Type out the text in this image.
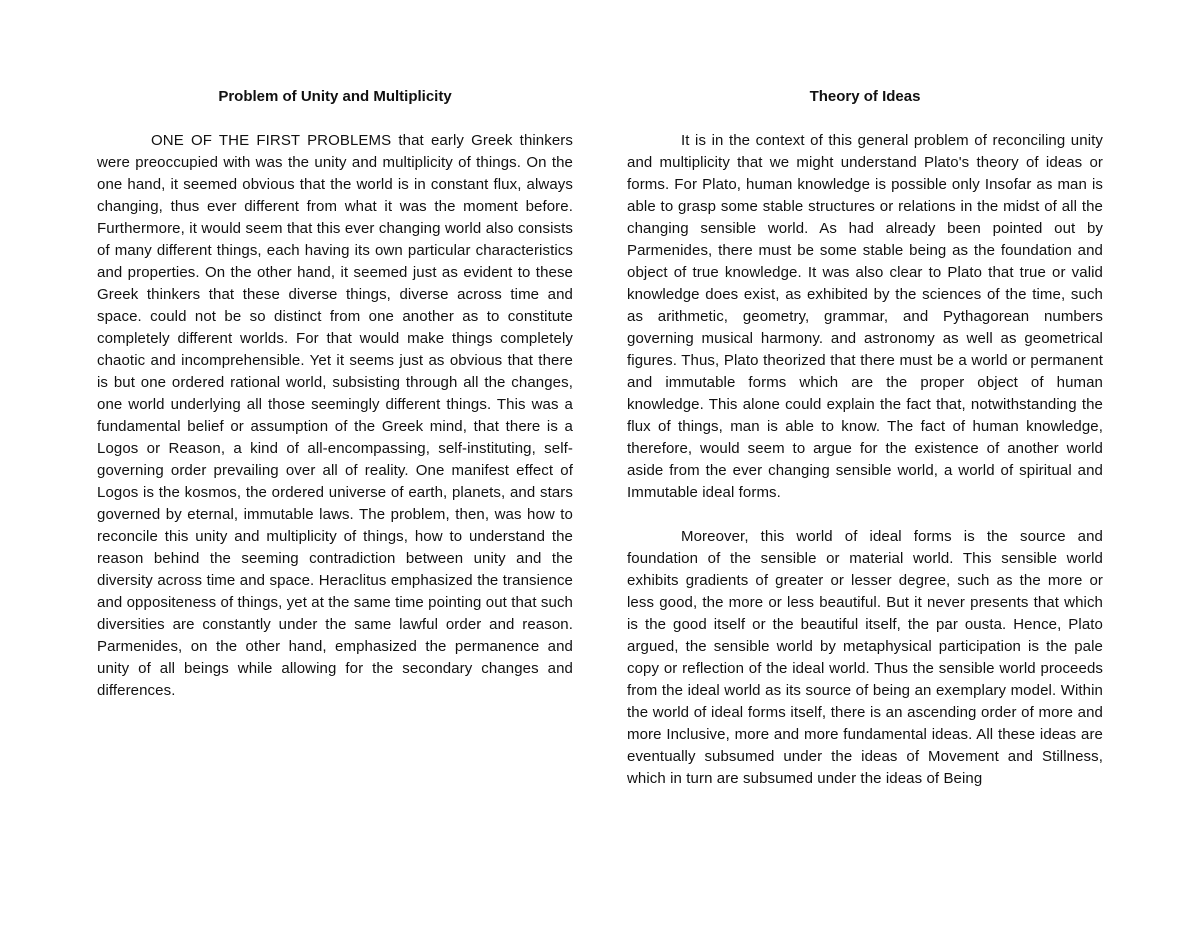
Problem of Unity and Multiplicity

ONE OF THE FIRST PROBLEMS that early Greek thinkers were preoccupied with was the unity and multiplicity of things. On the one hand, it seemed obvious that the world is in constant flux, always changing, thus ever different from what it was the moment before. Furthermore, it would seem that this ever changing world also consists of many different things, each having its own particular characteristics and properties. On the other hand, it seemed just as evident to these Greek thinkers that these diverse things, diverse across time and space. could not be so distinct from one another as to constitute completely different worlds. For that would make things completely chaotic and incomprehensible. Yet it seems just as obvious that there is but one ordered rational world, subsisting through all the changes, one world underlying all those seemingly different things. This was a fundamental belief or assumption of the Greek mind, that there is a Logos or Reason, a kind of all-encompassing, self-instituting, self-governing order prevailing over all of reality. One manifest effect of Logos is the kosmos, the ordered universe of earth, planets, and stars governed by eternal, immutable laws. The problem, then, was how to reconcile this unity and multiplicity of things, how to understand the reason behind the seeming contradiction between unity and the diversity across time and space. Heraclitus emphasized the transience and oppositeness of things, yet at the same time pointing out that such diversities are constantly under the same lawful order and reason. Parmenides, on the other hand, emphasized the permanence and unity of all beings while allowing for the secondary changes and differences.

Theory of Ideas

It is in the context of this general problem of reconciling unity and multiplicity that we might understand Plato's theory of ideas or forms. For Plato, human knowledge is possible only Insofar as man is able to grasp some stable structures or relations in the midst of all the changing sensible world. As had already been pointed out by Parmenides, there must be some stable being as the foundation and object of true knowledge. It was also clear to Plato that true or valid knowledge does exist, as exhibited by the sciences of the time, such as arithmetic, geometry, grammar, and Pythagorean numbers governing musical harmony. and astronomy as well as geometrical figures. Thus, Plato theorized that there must be a world or permanent and immutable forms which are the proper object of human knowledge. This alone could explain the fact that, notwithstanding the flux of things, man is able to know. The fact of human knowledge, therefore, would seem to argue for the existence of another world aside from the ever changing sensible world, a world of spiritual and Immutable ideal forms.

Moreover, this world of ideal forms is the source and foundation of the sensible or material world. This sensible world exhibits gradients of greater or lesser degree, such as the more or less good, the more or less beautiful. But it never presents that which is the good itself or the beautiful itself, the par ousta. Hence, Plato argued, the sensible world by metaphysical participation is the pale copy or reflection of the ideal world. Thus the sensible world proceeds from the ideal world as its source of being an exemplary model. Within the world of ideal forms itself, there is an ascending order of more and more Inclusive, more and more fundamental ideas. All these ideas are eventually subsumed under the ideas of Movement and Stillness, which in turn are subsumed under the ideas of Being
